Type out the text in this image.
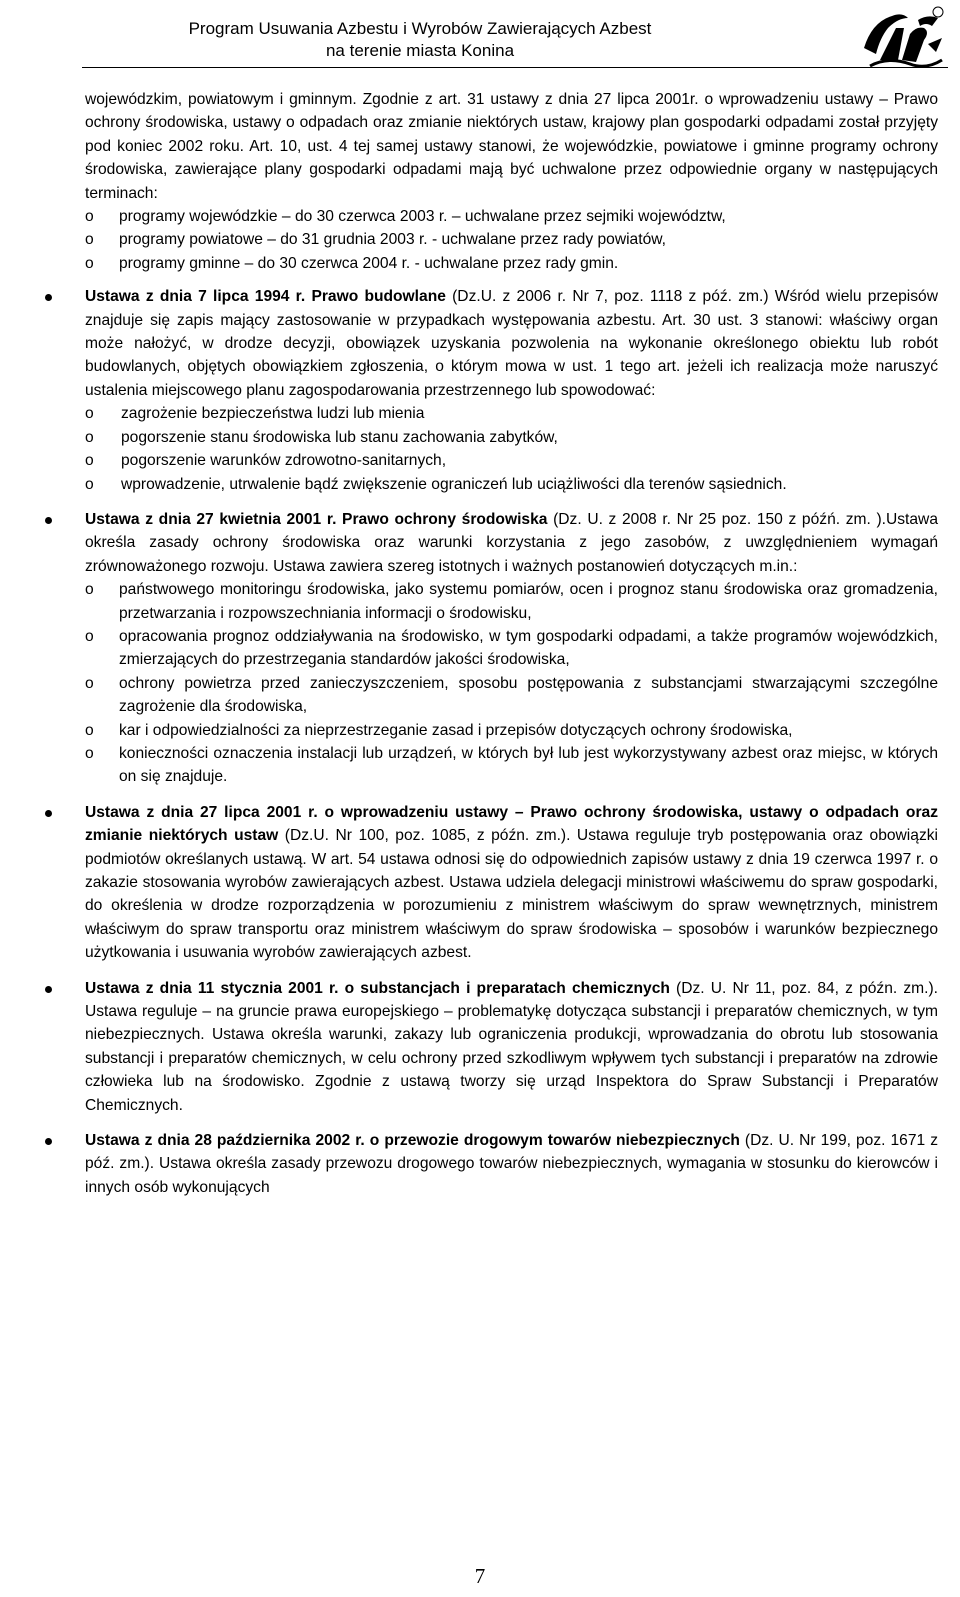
Program Usuwania Azbestu i Wyrobów Zawierających Azbest
na terenie miasta Konina

wojewódzkim, powiatowym i gminnym. Zgodnie z art. 31 ustawy z dnia 27 lipca 2001r. o wprowadzeniu ustawy – Prawo ochrony środowiska, ustawy o odpadach oraz zmianie niektórych ustaw, krajowy plan gospodarki odpadami został przyjęty pod koniec 2002 roku. Art. 10, ust. 4 tej samej ustawy stanowi, że wojewódzkie, powiatowe i gminne programy ochrony środowiska, zawierające plany gospodarki odpadami mają być uchwalone przez odpowiednie organy w następujących terminach:

o programy wojewódzkie – do 30 czerwca 2003 r. – uchwalane przez sejmiki województw,
o programy powiatowe – do 31 grudnia 2003 r. - uchwalane przez rady powiatów,
o programy gminne – do 30 czerwca 2004 r. - uchwalane przez rady gmin.

Ustawa z dnia 7 lipca 1994 r. Prawo budowlane (Dz.U. z 2006 r. Nr 7, poz. 1118 z póź. zm.) Wśród wielu przepisów znajduje się zapis mający zastosowanie w przypadkach występowania azbestu. Art. 30 ust. 3 stanowi: właściwy organ może nałożyć, w drodze decyzji, obowiązek uzyskania pozwolenia na wykonanie określonego obiektu lub robót budowlanych, objętych obowiązkiem zgłoszenia, o którym mowa w ust. 1 tego art. jeżeli ich realizacja może naruszyć ustalenia miejscowego planu zagospodarowania przestrzennego lub spowodować:

o zagrożenie bezpieczeństwa ludzi lub mienia
o pogorszenie stanu środowiska lub stanu zachowania zabytków,
o pogorszenie warunków zdrowotno-sanitarnych,
o wprowadzenie, utrwalenie bądź zwiększenie ograniczeń lub uciążliwości dla terenów sąsiednich.

Ustawa z dnia 27 kwietnia 2001 r. Prawo ochrony środowiska (Dz. U. z 2008 r. Nr 25 poz. 150 z późń. zm. ).Ustawa określa zasady ochrony środowiska oraz warunki korzystania z jego zasobów, z uwzględnieniem wymagań zrównoważonego rozwoju. Ustawa zawiera szereg istotnych i ważnych postanowień dotyczących m.in.:

o państwowego monitoringu środowiska, jako systemu pomiarów, ocen i prognoz stanu środowiska oraz gromadzenia, przetwarzania i rozpowszechniania informacji o środowisku,
o opracowania prognoz oddziaływania na środowisko, w tym gospodarki odpadami, a także programów wojewódzkich, zmierzających do przestrzegania standardów jakości środowiska,
o ochrony powietrza przed zanieczyszczeniem, sposobu postępowania z substancjami stwarzającymi szczególne zagrożenie dla środowiska,
o kar i odpowiedzialności za nieprzestrzeganie zasad i przepisów dotyczących ochrony środowiska,
o konieczności oznaczenia instalacji lub urządzeń, w których był lub jest wykorzystywany azbest oraz miejsc, w których on się znajduje.

Ustawa z dnia 27 lipca 2001 r. o wprowadzeniu ustawy – Prawo ochrony środowiska, ustawy o odpadach oraz zmianie niektórych ustaw (Dz.U. Nr 100, poz. 1085, z późn. zm.). Ustawa reguluje tryb postępowania oraz obowiązki podmiotów określanych ustawą. W art. 54 ustawa odnosi się do odpowiednich zapisów ustawy z dnia 19 czerwca 1997 r. o zakazie stosowania wyrobów zawierających azbest. Ustawa udziela delegacji ministrowi właściwemu do spraw gospodarki, do określenia w drodze rozporządzenia w porozumieniu z ministrem właściwym do spraw wewnętrznych, ministrem właściwym do spraw transportu oraz ministrem właściwym do spraw środowiska – sposobów i warunków bezpiecznego użytkowania i usuwania wyrobów zawierających azbest.

Ustawa z dnia 11 stycznia 2001 r. o substancjach i preparatach chemicznych (Dz. U. Nr 11, poz. 84, z późn. zm.). Ustawa reguluje – na gruncie prawa europejskiego – problematykę dotycząca substancji i preparatów chemicznych, w tym niebezpiecznych. Ustawa określa warunki, zakazy lub ograniczenia produkcji, wprowadzania do obrotu lub stosowania substancji i preparatów chemicznych, w celu ochrony przed szkodliwym wpływem tych substancji i preparatów na zdrowie człowieka lub na środowisko. Zgodnie z ustawą tworzy się urząd Inspektora do Spraw Substancji i Preparatów Chemicznych.

Ustawa z dnia 28 października 2002 r. o przewozie drogowym towarów niebezpiecznych (Dz. U. Nr 199, poz. 1671 z póź. zm.). Ustawa określa zasady przewozu drogowego towarów niebezpiecznych, wymagania w stosunku do kierowców i innych osób wykonujących

7
